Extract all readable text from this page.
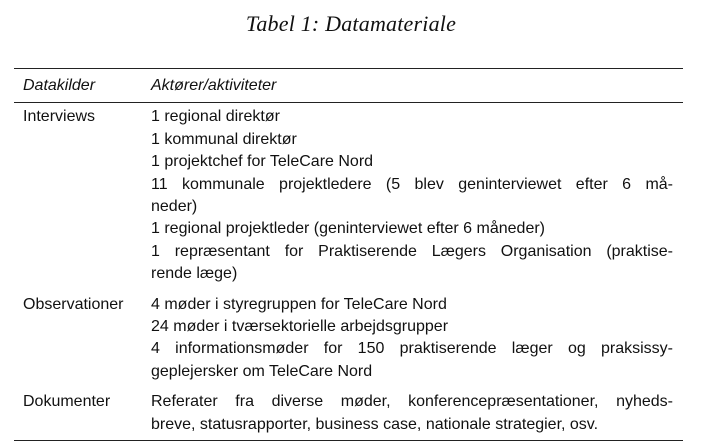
Tabel 1: Datamateriale
Datakilder	Aktører/aktiviteter
Interviews	1 regional direktør
1 kommunal direktør
1 projektchef for TeleCare Nord
11 kommunale projektledere (5 blev geninterviewet efter 6 må-
neder)
1 regional projektleder (geninterviewet efter 6 måneder)
1 repræsentant for Praktiserende Lægers Organisation (praktise-
rende læge)
Observationer	4 møder i styregruppen for TeleCare Nord
24 møder i tværsektorielle arbejdsgrupper
4 informationsmøder for 150 praktiserende læger og praksissy-
geplejersker om TeleCare Nord
Dokumenter	Referater fra diverse møder, konferencepræsentationer, nyheds-
breve, statusrapporter, business case, nationale strategier, osv.
